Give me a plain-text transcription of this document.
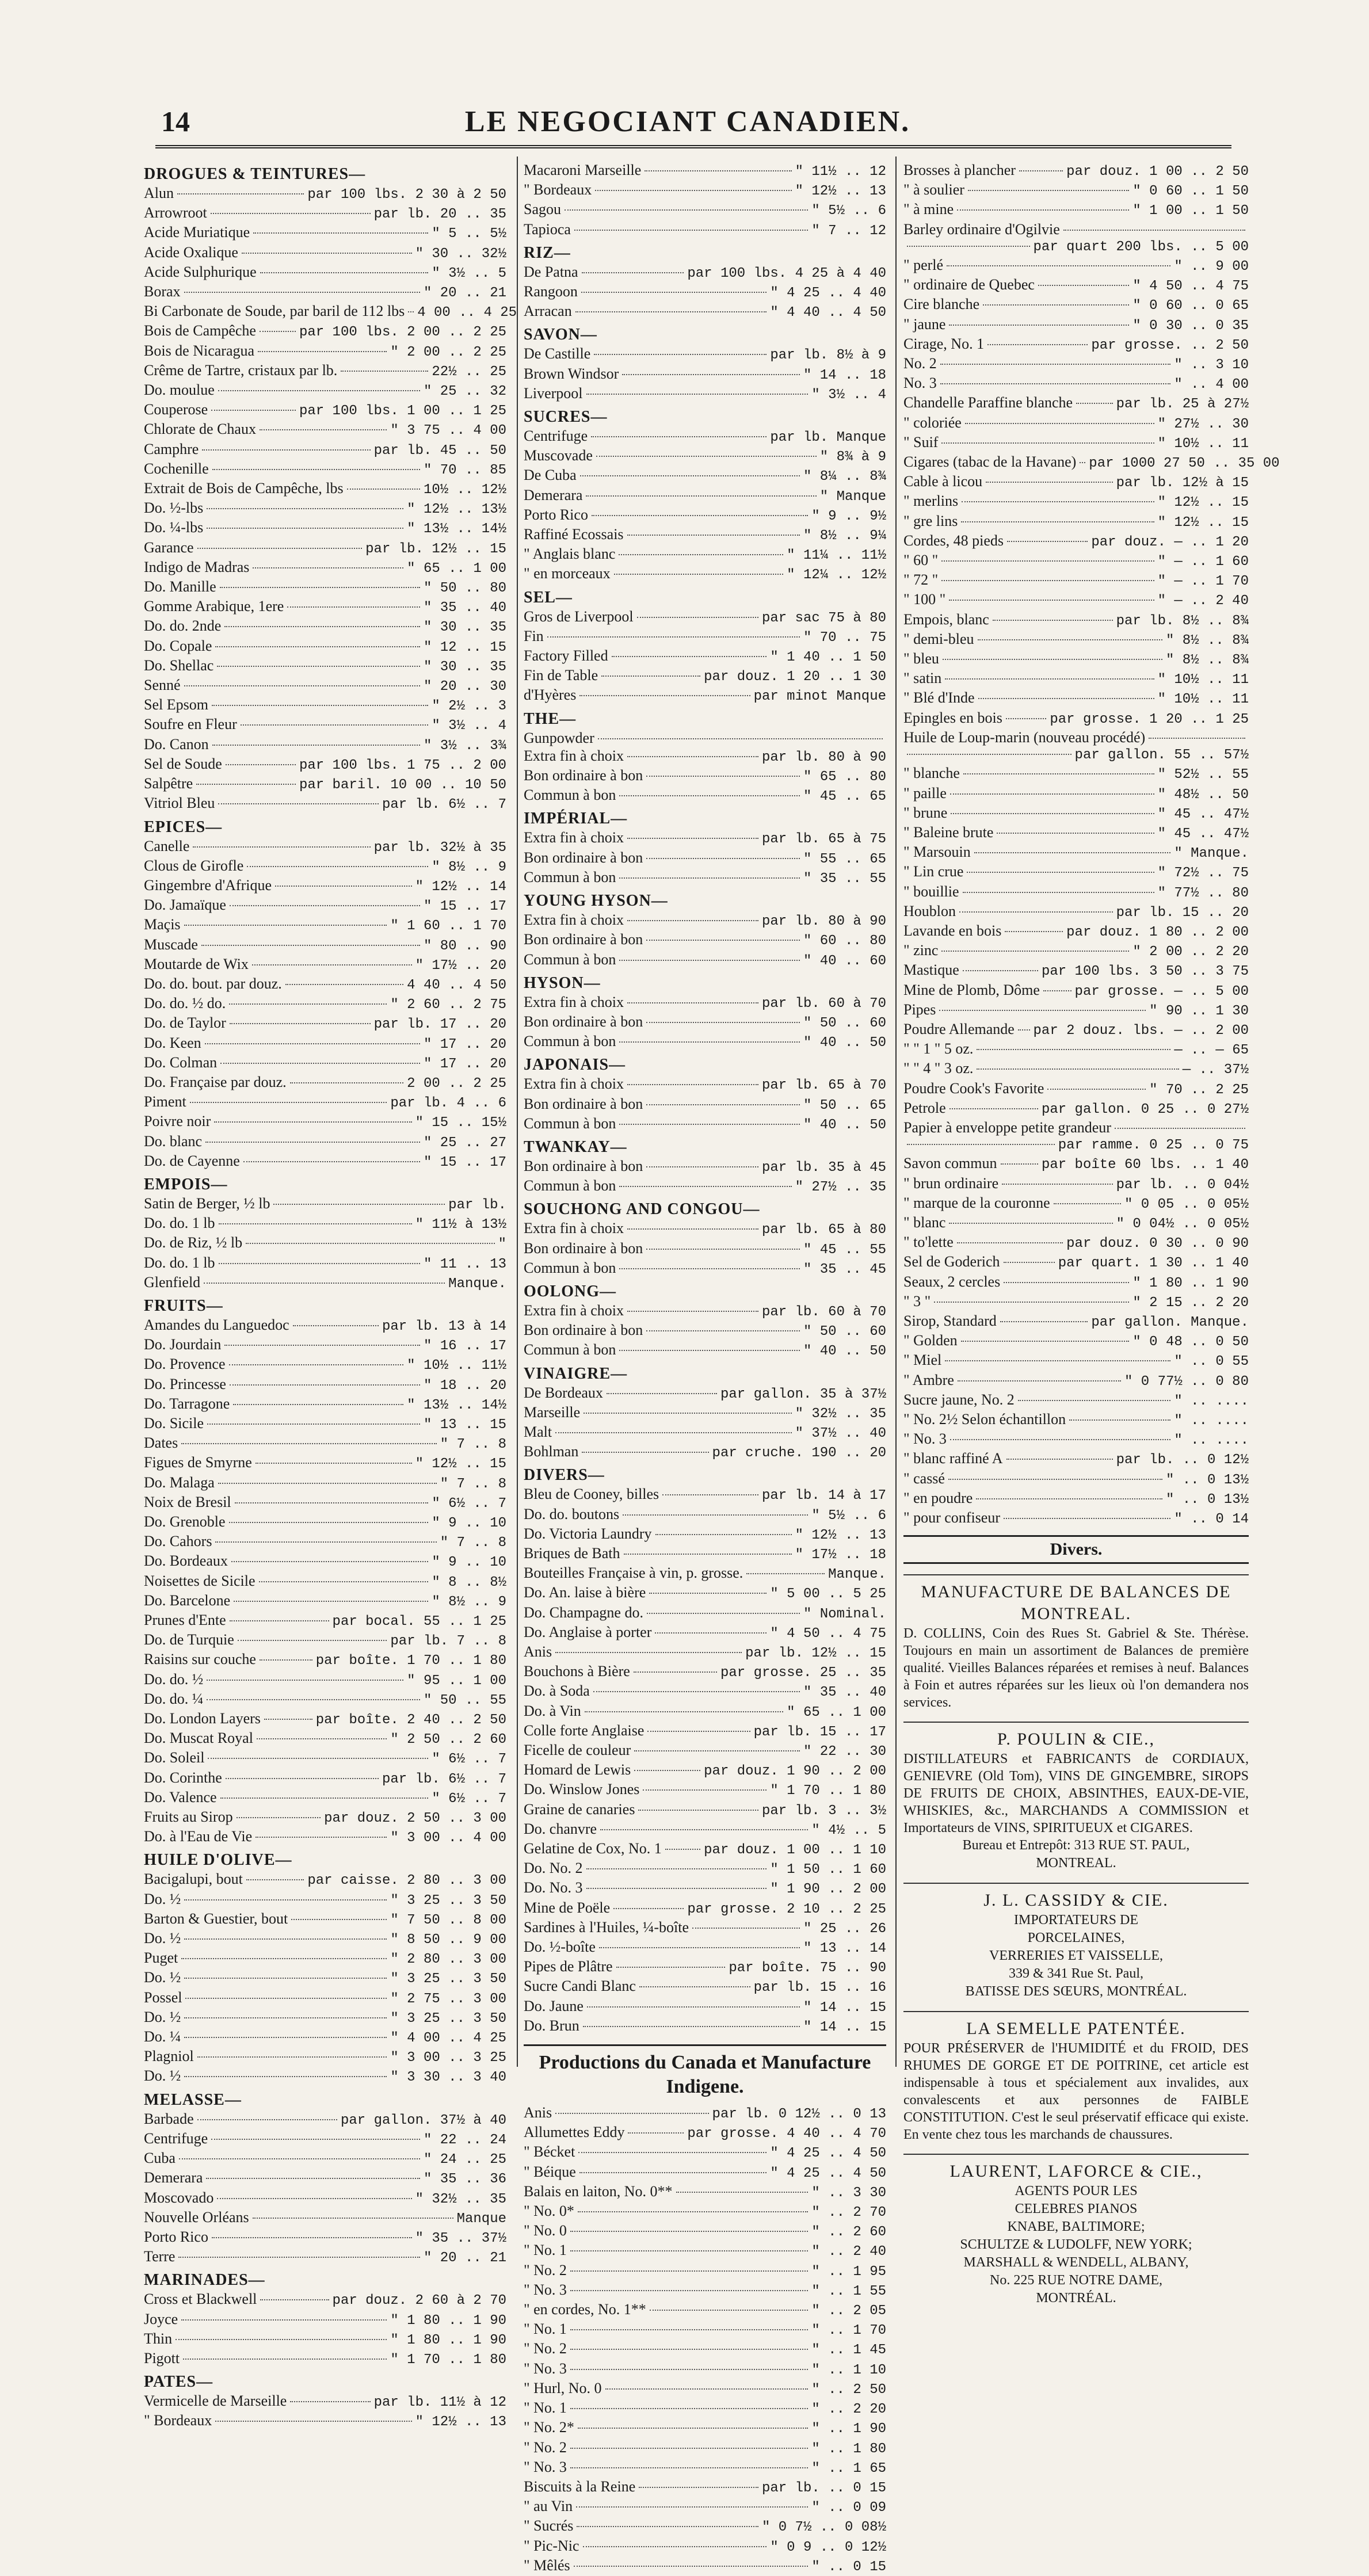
14	LE NEGOCIANT CANADIEN.
DROGUES & TEINTURES—
Alun	par 100 lbs. 2 30 à 2 50
Arrowroot	par lb. 20 .. 35
Acide Muriatique	" 5 .. 5½
Acide Oxalique	" 30 .. 32½
Acide Sulphurique	" 3½ .. 5
Borax	" 20 .. 21
Bi Carbonate de Soude, par baril de 112 lbs 4 00 .. 4 25
Bois de Campêche	par 100 lbs. 2 00 .. 2 25
Bois de Nicaragua	" 2 00 .. 2 25
Crême de Tartre, cristaux par lb.	22½ .. 25
Do. moulue	" 25 .. 32
Couperose	par 100 lbs. 1 00 .. 1 25
Chlorate de Chaux	" 3 75 .. 4 00
Camphre	par lb. 45 .. 50
Cochenille	" 70 .. 85
Extrait de Bois de Campêche, lbs	10½ .. 12½
Do. ½-lbs	" 12½ .. 13½
Do. ¼-lbs	" 13½ .. 14½
Garance	par lb. 12½ .. 15
Indigo de Madras	" 65 .. 1 00
Do. Manille	" 50 .. 80
Gomme Arabique, 1ere	" 35 .. 40
Do. do. 2nde	" 30 .. 35
Do. Copale	" 12 .. 15
Do. Shellac	" 30 .. 35
Senné	" 20 .. 30
Sel Epsom	" 2½ .. 3
Soufre en Fleur	" 3½ .. 4
Do. Canon	" 3½ .. 3¾
Sel de Soude	par 100 lbs. 1 75 .. 2 00
Salpêtre	par baril. 10 00 .. 10 50
Vitriol Bleu	par lb. 6½ .. 7
EPICES—
Canelle	par lb. 32½ à 35
Clous de Girofle	" 8½ .. 9
Gingembre d'Afrique	" 12½ .. 14
Do. Jamaïque	" 15 .. 17
Maçis	" 1 60 .. 1 70
Muscade	" 80 .. 90
Moutarde de Wix	" 17½ .. 20
Do. do. bout. par douz.	4 40 .. 4 50
Do. do. ½ do.	" 2 60 .. 2 75
Do. de Taylor	par lb. 17 .. 20
Do. Keen	" 17 .. 20
Do. Colman	" 17 .. 20
Do. Française par douz.	2 00 .. 2 25
Piment	par lb. 4 .. 6
Poivre noir	" 15 .. 15½
Do. blanc	" 25 .. 27
Do. de Cayenne	" 15 .. 17
EMPOIS—
Satin de Berger, ½ lb	par lb.
Do. do. 1 lb	" 11½ à 13½
Do. de Riz, ½ lb	"
Do. do. 1 lb	" 11 .. 13
Glenfield	Manque.
FRUITS—
Amandes du Languedoc	par lb. 13 à 14
Do. Jourdain	" 16 .. 17
Do. Provence	" 10½ .. 11½
Do. Princesse	" 18 .. 20
Do. Tarragone	" 13½ .. 14½
Do. Sicile	" 13 .. 15
Dates	" 7 .. 8
Figues de Smyrne	" 12½ .. 15
Do. Malaga	" 7 .. 8
Noix de Bresil	" 6½ .. 7
Do. Grenoble	" 9 .. 10
Do. Cahors	" 7 .. 8
Do. Bordeaux	" 9 .. 10
Noisettes de Sicile	" 8 .. 8½
Do. Barcelone	" 8½ .. 9
Prunes d'Ente	par bocal. 55 .. 1 25
Do. de Turquie	par lb. 7 .. 8
Raisins sur couche	par boîte. 1 70 .. 1 80
Do. do. ½	" 95 .. 1 00
Do. do. ¼	" 50 .. 55
Do. London Layers	par boîte. 2 40 .. 2 50
Do. Muscat Royal	" 2 50 .. 2 60
Do. Soleil	" 6½ .. 7
Do. Corinthe	par lb. 6½ .. 7
Do. Valence	" 6½ .. 7
Fruits au Sirop	par douz. 2 50 .. 3 00
Do. à l'Eau de Vie	" 3 00 .. 4 00
HUILE D'OLIVE—
Bacigalupi, bout	par caisse. 2 80 .. 3 00
Do. ½	" 3 25 .. 3 50
Barton & Guestier, bout	" 7 50 .. 8 00
Do. ½	" 8 50 .. 9 00
Puget	" 2 80 .. 3 00
Do. ½	" 3 25 .. 3 50
Possel	" 2 75 .. 3 00
Do. ½	" 3 25 .. 3 50
Do. ¼	" 4 00 .. 4 25
Plagniol	" 3 00 .. 3 25
Do. ½	" 3 30 .. 3 40
MELASSE—
Barbade	par gallon. 37½ à 40
Centrifuge	" 22 .. 24
Cuba	" 24 .. 25
Demerara	" 35 .. 36
Moscovado	" 32½ .. 35
Nouvelle Orléans	Manque
Porto Rico	" 35 .. 37½
Terre	" 20 .. 21
MARINADES—
Cross et Blackwell	par douz. 2 60 à 2 70
Joyce	" 1 80 .. 1 90
Thin	" 1 80 .. 1 90
Pigott	" 1 70 .. 1 80
PATES—
Vermicelle de Marseille	par lb. 11½ à 12
" Bordeaux	" 12½ .. 13
Macaroni Marseille	" 11½ .. 12
" Bordeaux	" 12½ .. 13
Sagou	" 5½ .. 6
Tapioca	" 7 .. 12
RIZ—
De Patna	par 100 lbs. 4 25 à 4 40
Rangoon	" 4 25 .. 4 40
Arracan	" 4 40 .. 4 50
SAVON—
De Castille	par lb. 8½ à 9
Brown Windsor	" 14 .. 18
Liverpool	" 3½ .. 4
SUCRES—
Centrifuge	par lb. Manque
Muscovade	" 8¾ à 9
De Cuba	" 8¼ .. 8¾
Demerara	" Manque
Porto Rico	" 9 .. 9½
Raffiné Ecossais	" 8½ .. 9¼
" Anglais blanc	" 11¼ .. 11½
" en morceaux	" 12¼ .. 12½
SEL—
Gros de Liverpool	par sac 75 à 80
Fin	" 70 .. 75
Factory Filled	" 1 40 .. 1 50
Fin de Table	par douz. 1 20 .. 1 30
d'Hyères	par minot Manque
THE—
Gunpowder
Extra fin à choix	par lb. 80 à 90
Bon ordinaire à bon	" 65 .. 80
Commun à bon	" 45 .. 65
IMPÉRIAL—
Extra fin à choix	par lb. 65 à 75
Bon ordinaire à bon	" 55 .. 65
Commun à bon	" 35 .. 55
YOUNG HYSON—
Extra fin à choix	par lb. 80 à 90
Bon ordinaire à bon	" 60 .. 80
Commun à bon	" 40 .. 60
HYSON—
Extra fin à choix	par lb. 60 à 70
Bon ordinaire à bon	" 50 .. 60
Commun à bon	" 40 .. 50
JAPONAIS—
Extra fin à choix	par lb. 65 à 70
Bon ordinaire à bon	" 50 .. 65
Commun à bon	" 40 .. 50
TWANKAY—
Bon ordinaire à bon	par lb. 35 à 45
Commun à bon	" 27½ .. 35
SOUCHONG AND CONGOU—
Extra fin à choix	par lb. 65 à 80
Bon ordinaire à bon	" 45 .. 55
Commun à bon	" 35 .. 45
OOLONG—
Extra fin à choix	par lb. 60 à 70
Bon ordinaire à bon	" 50 .. 60
Commun à bon	" 40 .. 50
VINAIGRE—
De Bordeaux	par gallon. 35 à 37½
Marseille	" 32½ .. 35
Malt	" 37½ .. 40
Bohlman	par cruche. 190 .. 20
DIVERS—
Bleu de Cooney, billes	par lb. 14 à 17
Do. do. boutons	" 5½ .. 6
Do. Victoria Laundry	" 12½ .. 13
Briques de Bath	" 17½ .. 18
Bouteilles Française à vin, p. grosse.	Manque.
Do. An. laise à bière	" 5 00 .. 5 25
Do. Champagne do.	" Nominal.
Do. Anglaise à porter	" 4 50 .. 4 75
Anis	par lb. 12½ .. 15
Bouchons à Bière	par grosse. 25 .. 35
Do. à Soda	" 35 .. 40
Do. à Vin	" 65 .. 1 00
Colle forte Anglaise	par lb. 15 .. 17
Ficelle de couleur	" 22 .. 30
Homard de Lewis	par douz. 1 90 .. 2 00
Do. Winslow Jones	" 1 70 .. 1 80
Graine de canaries	par lb. 3 .. 3½
Do. chanvre	" 4½ .. 5
Gelatine de Cox, No. 1	par douz. 1 00 .. 1 10
Do. No. 2	" 1 50 .. 1 60
Do. No. 3	" 1 90 .. 2 00
Mine de Poële	par grosse. 2 10 .. 2 25
Sardines à l'Huiles, ¼-boîte	" 25 .. 26
Do. ½-boîte	" 13 .. 14
Pipes de Plâtre	par boîte. 75 .. 90
Sucre Candi Blanc	par lb. 15 .. 16
Do. Jaune	" 14 .. 15
Do. Brun	" 14 .. 15
Productions du Canada et Manufacture Indigene.
Anis	par lb. 0 12½ .. 0 13
Allumettes Eddy	par grosse. 4 40 .. 4 70
" Bécket	" 4 25 .. 4 50
" Béique	" 4 25 .. 4 50
Balais en laiton, No. 0**	" .. 3 30
" No. 0*	" .. 2 70
" No. 0	" .. 2 60
" No. 1	" .. 2 40
" No. 2	" .. 1 95
" No. 3	" .. 1 55
" en cordes, No. 1**	" .. 2 05
" No. 1	" .. 1 70
" No. 2	" .. 1 45
" No. 3	" .. 1 10
" Hurl, No. 0	" .. 2 50
" No. 1	" .. 2 20
" No. 2*	" .. 1 90
" No. 2	" .. 1 80
" No. 3	" .. 1 65
Biscuits à la Reine	par lb. .. 0 15
" au Vin	" .. 0 09
" Sucrés	" 0 7½ .. 0 08½
" Pic-Nic	" 0 9 .. 0 12½
" Mêlés	" .. 0 15
Brosses à plancher	par douz. 1 00 .. 2 50
" à soulier	" 0 60 .. 1 50
" à mine	" 1 00 .. 1 50
Barley ordinaire d'Ogilvie
par quart 200 lbs. .. 5 00
" perlé	" .. 9 00
" ordinaire de Quebec	" 4 50 .. 4 75
Cire blanche	" 0 60 .. 0 65
" jaune	" 0 30 .. 0 35
Cirage, No. 1	par grosse. .. 2 50
No. 2	" .. 3 10
No. 3	" .. 4 00
Chandelle Paraffine blanche	par lb. 25 à 27½
" coloriée	" 27½ .. 30
" Suif	" 10½ .. 11
Cigares (tabac de la Havane) par 1000 27 50 .. 35 00
Cable à licou	par lb. 12½ à 15
" merlins	" 12½ .. 15
" gre lins	" 12½ .. 15
Cordes, 48 pieds	par douz. — .. 1 20
" 60 "	" — .. 1 60
" 72 "	" — .. 1 70
" 100 "	" — .. 2 40
Empois, blanc	par lb. 8½ .. 8¾
" demi-bleu	" 8½ .. 8¾
" bleu	" 8½ .. 8¾
" satin	" 10½ .. 11
" Blé d'Inde	" 10½ .. 11
Epingles en bois	par grosse. 1 20 .. 1 25
Huile de Loup-marin (nouveau procédé)
par gallon. 55 .. 57½
" blanche	" 52½ .. 55
" paille	" 48½ .. 50
" brune	" 45 .. 47½
" Baleine brute	" 45 .. 47½
" Marsouin	" Manque.
" Lin crue	" 72½ .. 75
" bouillie	" 77½ .. 80
Houblon	par lb. 15 .. 20
Lavande en bois	par douz. 1 80 .. 2 00
" zinc	" 2 00 .. 2 20
Mastique	par 100 lbs. 3 50 .. 3 75
Mine de Plomb, Dôme	par grosse. — .. 5 00
Pipes	" 90 .. 1 30
Poudre Allemande par 2 douz. lbs. — .. 2 00
" " 1 " 5 oz.	— .. — 65
" " 4 " 3 oz.	— .. 37½
Poudre Cook's Favorite	" 70 .. 2 25
Petrole	par gallon. 0 25 .. 0 27½
Papier à enveloppe petite grandeur
par ramme. 0 25 .. 0 75
Savon commun	par boîte 60 lbs. .. 1 40
" brun ordinaire	par lb. .. 0 04½
" marque de la couronne	" 0 05 .. 0 05½
" blanc	" 0 04½ .. 0 05½
" to'lette	par douz. 0 30 .. 0 90
Sel de Goderich	par quart. 1 30 .. 1 40
Seaux, 2 cercles	" 1 80 .. 1 90
" 3 "	" 2 15 .. 2 20
Sirop, Standard	par gallon. Manque.
" Golden	" 0 48 .. 0 50
" Miel	" .. 0 55
" Ambre	" 0 77½ .. 0 80
Sucre jaune, No. 2	" .. ....
" No. 2½ Selon échantillon	" .. ....
" No. 3	" .. ....
" blanc raffiné A	par lb. .. 0 12½
" cassé	" .. 0 13½
" en poudre	" .. 0 13½
" pour confiseur	" .. 0 14
Divers.
MANUFACTURE DE BALANCES DE MONTREAL.
D. COLLINS, Coin des Rues St. Gabriel & Ste. Thérèse. Toujours en main un assortiment de Balances de première qualité. Vieilles Balances réparées et remises à neuf. Balances à Foin et autres réparées sur les lieux où l'on demandera nos services.
P. POULIN & CIE.,
DISTILLATEURS et FABRICANTS de CORDIAUX, GENIEVRE (Old Tom), VINS DE GINGEMBRE, SIROPS DE FRUITS DE CHOIX, ABSINTHES, EAUX-DE-VIE, WHISKIES, &c., MARCHANDS A COMMISSION et Importateurs de VINS, SPIRITUEUX et CIGARES.
Bureau et Entrepôt: 313 RUE ST. PAUL,
MONTREAL.
J. L. CASSIDY & CIE.
IMPORTATEURS DE
PORCELAINES,
VERRERIES ET VAISSELLE,
339 & 341 Rue St. Paul,
BATISSE DES SŒURS, MONTRÉAL.
LA SEMELLE PATENTÉE.
POUR PRÉSERVER de l'HUMIDITÉ et du FROID, DES RHUMES DE GORGE ET DE POITRINE, cet article est indispensable à tous et spécialement aux invalides, aux convalescents et aux personnes de FAIBLE CONSTITUTION. C'est le seul préservatif efficace qui existe. En vente chez tous les marchands de chaussures.
LAURENT, LAFORCE & CIE.,
AGENTS POUR LES
CELEBRES PIANOS
KNABE, BALTIMORE;
SCHULTZE & LUDOLFF, NEW YORK;
MARSHALL & WENDELL, ALBANY,
No. 225 RUE NOTRE DAME,
MONTRÉAL.
